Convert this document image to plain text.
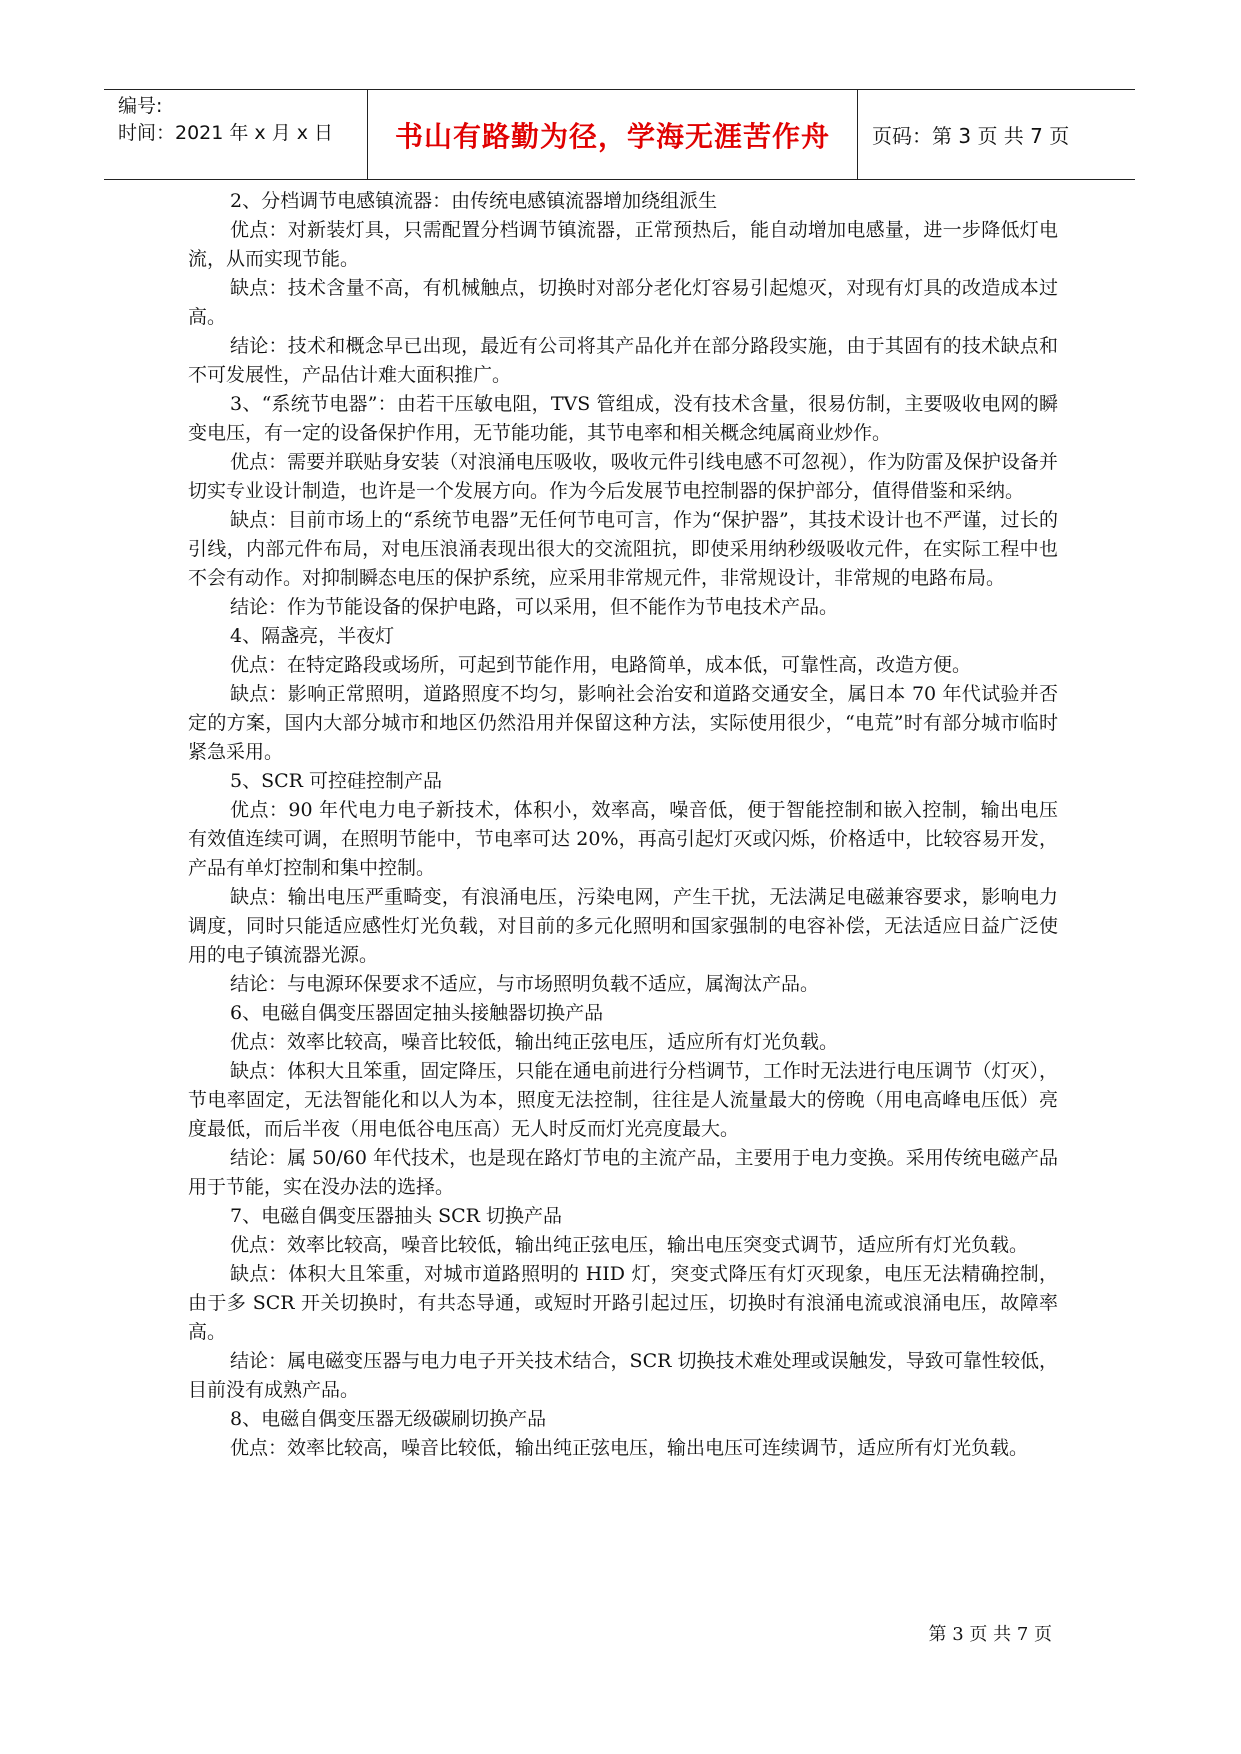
编号:
时间：2021 年 x 月 x 日	书山有路勤为径，学海无涯苦作舟	页码：第 3 页 共 7 页

2、分档调节电感镇流器：由传统电感镇流器增加绕组派生

优点：对新装灯具，只需配置分档调节镇流器，正常预热后，能自动增加电感量，进一步降低灯电流，从而实现节能。

缺点：技术含量不高，有机械触点，切换时对部分老化灯容易引起熄灭，对现有灯具的改造成本过高。

结论：技术和概念早已出现，最近有公司将其产品化并在部分路段实施，由于其固有的技术缺点和不可发展性，产品估计难大面积推广。

3、“系统节电器”：由若干压敏电阻，TVS 管组成，没有技术含量，很易仿制，主要吸收电网的瞬变电压，有一定的设备保护作用，无节能功能，其节电率和相关概念纯属商业炒作。

优点：需要并联贴身安装（对浪涌电压吸收，吸收元件引线电感不可忽视），作为防雷及保护设备并切实专业设计制造，也许是一个发展方向。作为今后发展节电控制器的保护部分，值得借鉴和采纳。

缺点：目前市场上的“系统节电器”无任何节电可言，作为“保护器”，其技术设计也不严谨，过长的引线，内部元件布局，对电压浪涌表现出很大的交流阻抗，即使采用纳秒级吸收元件，在实际工程中也不会有动作。对抑制瞬态电压的保护系统，应采用非常规元件，非常规设计，非常规的电路布局。

结论：作为节能设备的保护电路，可以采用，但不能作为节电技术产品。

4、隔盏亮，半夜灯

优点：在特定路段或场所，可起到节能作用，电路简单，成本低，可靠性高，改造方便。

缺点：影响正常照明，道路照度不均匀，影响社会治安和道路交通安全，属日本 70 年代试验并否定的方案，国内大部分城市和地区仍然沿用并保留这种方法，实际使用很少，“电荒”时有部分城市临时紧急采用。

5、SCR 可控硅控制产品

优点：90 年代电力电子新技术，体积小，效率高，噪音低，便于智能控制和嵌入控制，输出电压有效值连续可调，在照明节能中，节电率可达 20%，再高引起灯灭或闪烁，价格适中，比较容易开发，产品有单灯控制和集中控制。

缺点：输出电压严重畸变，有浪涌电压，污染电网，产生干扰，无法满足电磁兼容要求，影响电力调度，同时只能适应感性灯光负载，对目前的多元化照明和国家强制的电容补偿，无法适应日益广泛使用的电子镇流器光源。

结论：与电源环保要求不适应，与市场照明负载不适应，属淘汰产品。

6、电磁自偶变压器固定抽头接触器切换产品

优点：效率比较高，噪音比较低，输出纯正弦电压，适应所有灯光负载。

缺点：体积大且笨重，固定降压，只能在通电前进行分档调节，工作时无法进行电压调节（灯灭），节电率固定，无法智能化和以人为本，照度无法控制，往往是人流量最大的傍晚（用电高峰电压低）亮度最低，而后半夜（用电低谷电压高）无人时反而灯光亮度最大。

结论：属 50/60 年代技术，也是现在路灯节电的主流产品，主要用于电力变换。采用传统电磁产品用于节能，实在没办法的选择。

7、电磁自偶变压器抽头 SCR 切换产品

优点：效率比较高，噪音比较低，输出纯正弦电压，输出电压突变式调节，适应所有灯光负载。

缺点：体积大且笨重，对城市道路照明的 HID 灯，突变式降压有灯灭现象，电压无法精确控制，由于多 SCR 开关切换时，有共态导通，或短时开路引起过压，切换时有浪涌电流或浪涌电压，故障率高。

结论：属电磁变压器与电力电子开关技术结合，SCR 切换技术难处理或误触发，导致可靠性较低，目前没有成熟产品。

8、电磁自偶变压器无级碳刷切换产品

优点：效率比较高，噪音比较低，输出纯正弦电压，输出电压可连续调节，适应所有灯光负载。

第 3 页 共 7 页
